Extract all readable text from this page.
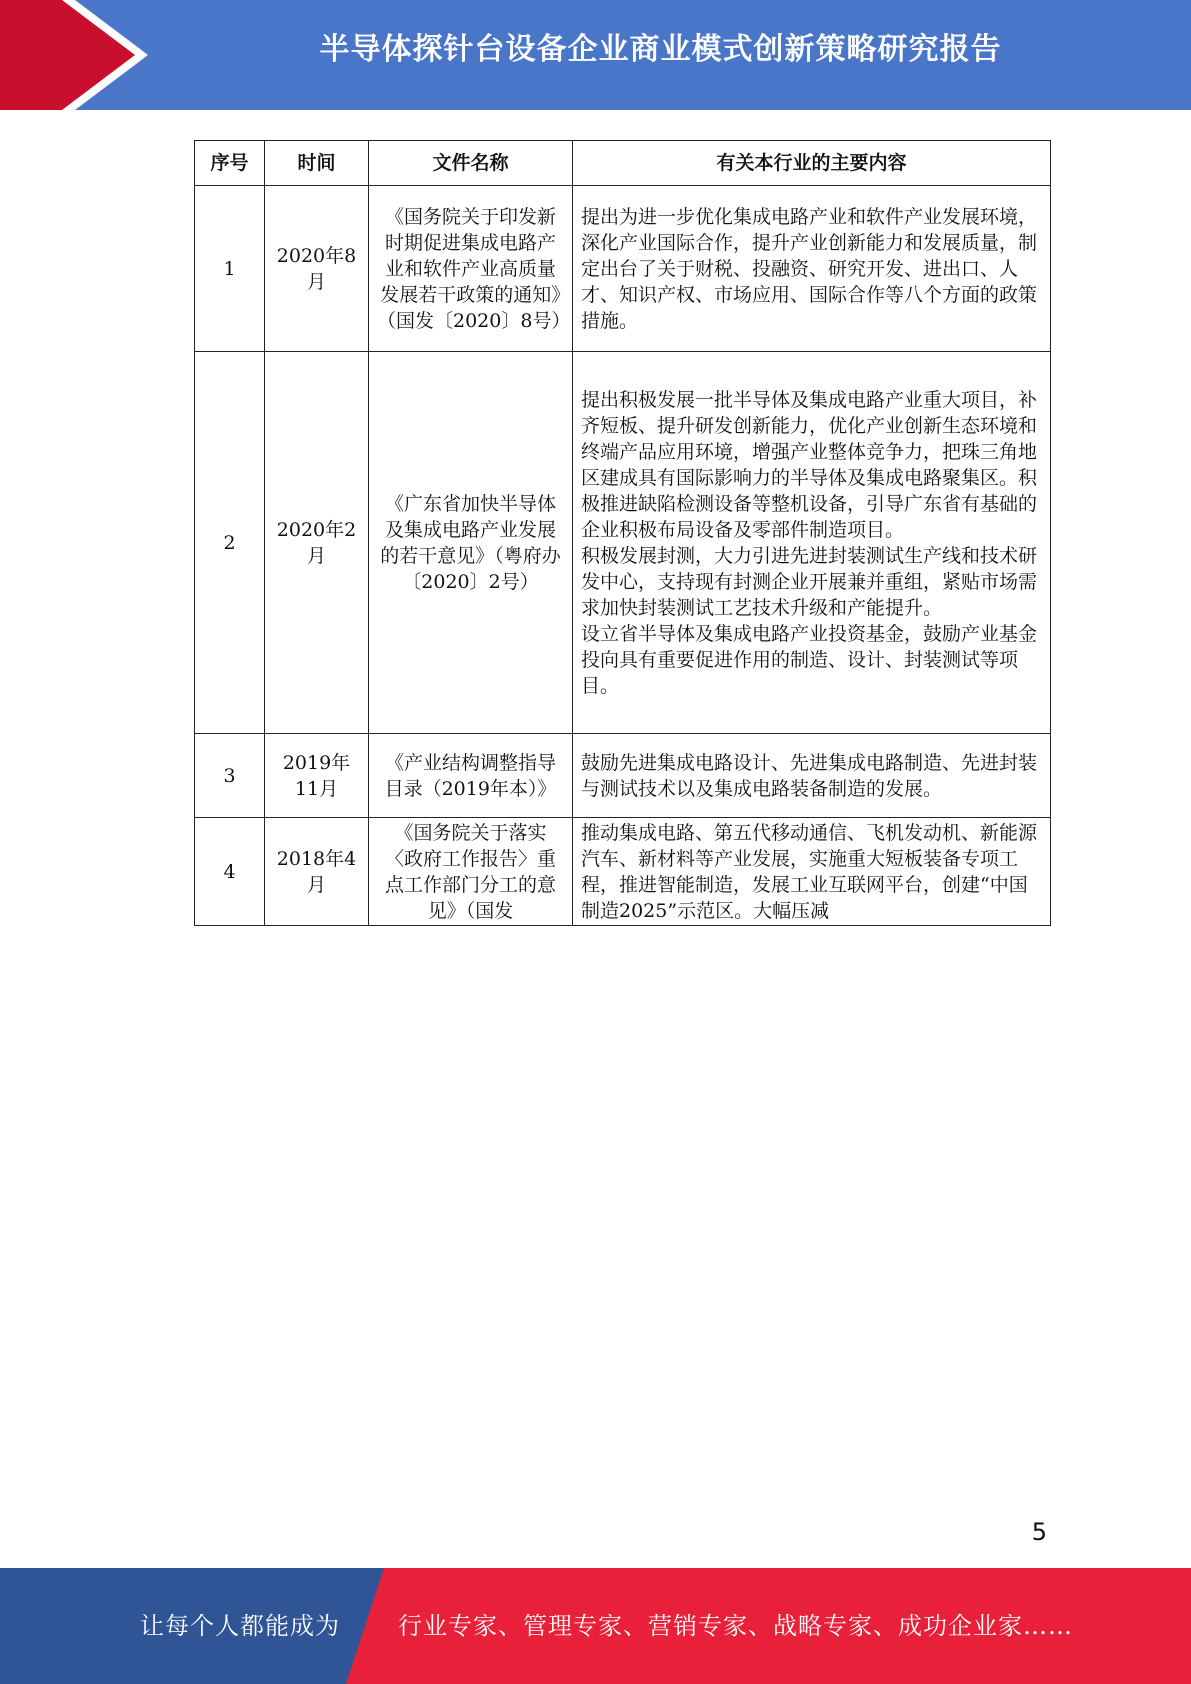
半导体探针台设备企业商业模式创新策略研究报告
序号	时间	文件名称	有关本行业的主要内容
1	2020年8月	《国务院关于印发新时期促进集成电路产业和软件产业高质量发展若干政策的通知》（国发〔2020〕8号）	提出为进一步优化集成电路产业和软件产业发展环境，深化产业国际合作，提升产业创新能力和发展质量，制定出台了关于财税、投融资、研究开发、进出口、人才、知识产权、市场应用、国际合作等八个方面的政策措施。

2	2020年2月	《广东省加快半导体及集成电路产业发展的若干意见》（粤府办〔2020〕2号）	提出积极发展一批半导体及集成电路产业重大项目，补齐短板、提升研发创新能力，优化产业创新生态环境和终端产品应用环境，增强产业整体竞争力，把珠三角地区建成具有国际影响力的半导体及集成电路聚集区。积极推进缺陷检测设备等整机设备，引导广东省有基础的企业积极布局设备及零部件制造项目。
积极发展封测，大力引进先进封装测试生产线和技术研发中心，支持现有封测企业开展兼并重组，紧贴市场需求加快封装测试工艺技术升级和产能提升。
设立省半导体及集成电路产业投资基金，鼓励产业基金投向具有重要促进作用的制造、设计、封装测试等项目。

3	2019年11月	《产业结构调整指导目录（2019年本）》	鼓励先进集成电路设计、先进集成电路制造、先进封装与测试技术以及集成电路装备制造的发展。

4	2018年4月	《国务院关于落实〈政府工作报告〉重点工作部门分工的意见》（国发	推动集成电路、第五代移动通信、飞机发动机、新能源汽车、新材料等产业发展，实施重大短板装备专项工程，推进智能制造，发展工业互联网平台，创建“中国制造2025”示范区。大幅压减
5
让每个人都能成为 行业专家、管理专家、营销专家、战略专家、成功企业家……
